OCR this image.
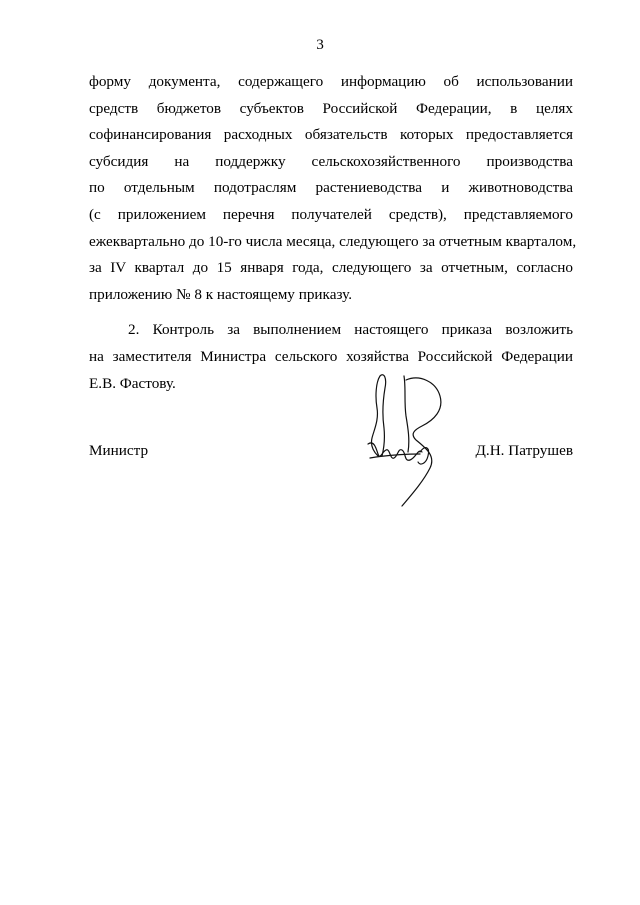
3
форму документа, содержащего информацию об использовании
средств бюджетов субъектов Российской Федерации, в целях
софинансирования расходных обязательств которых предоставляется
субсидия на поддержку сельскохозяйственного производства
по отдельным подотраслям растениеводства и животноводства
(с приложением перечня получателей средств), представляемого
ежеквартально до 10-го числа месяца, следующего за отчетным кварталом,
за IV квартал до 15 января года, следующего за отчетным, согласно
приложению № 8 к настоящему приказу.
2. Контроль за выполнением настоящего приказа возложить
на заместителя Министра сельского хозяйства Российской Федерации
Е.В. Фастову.
Министр	Д.Н. Патрушев
